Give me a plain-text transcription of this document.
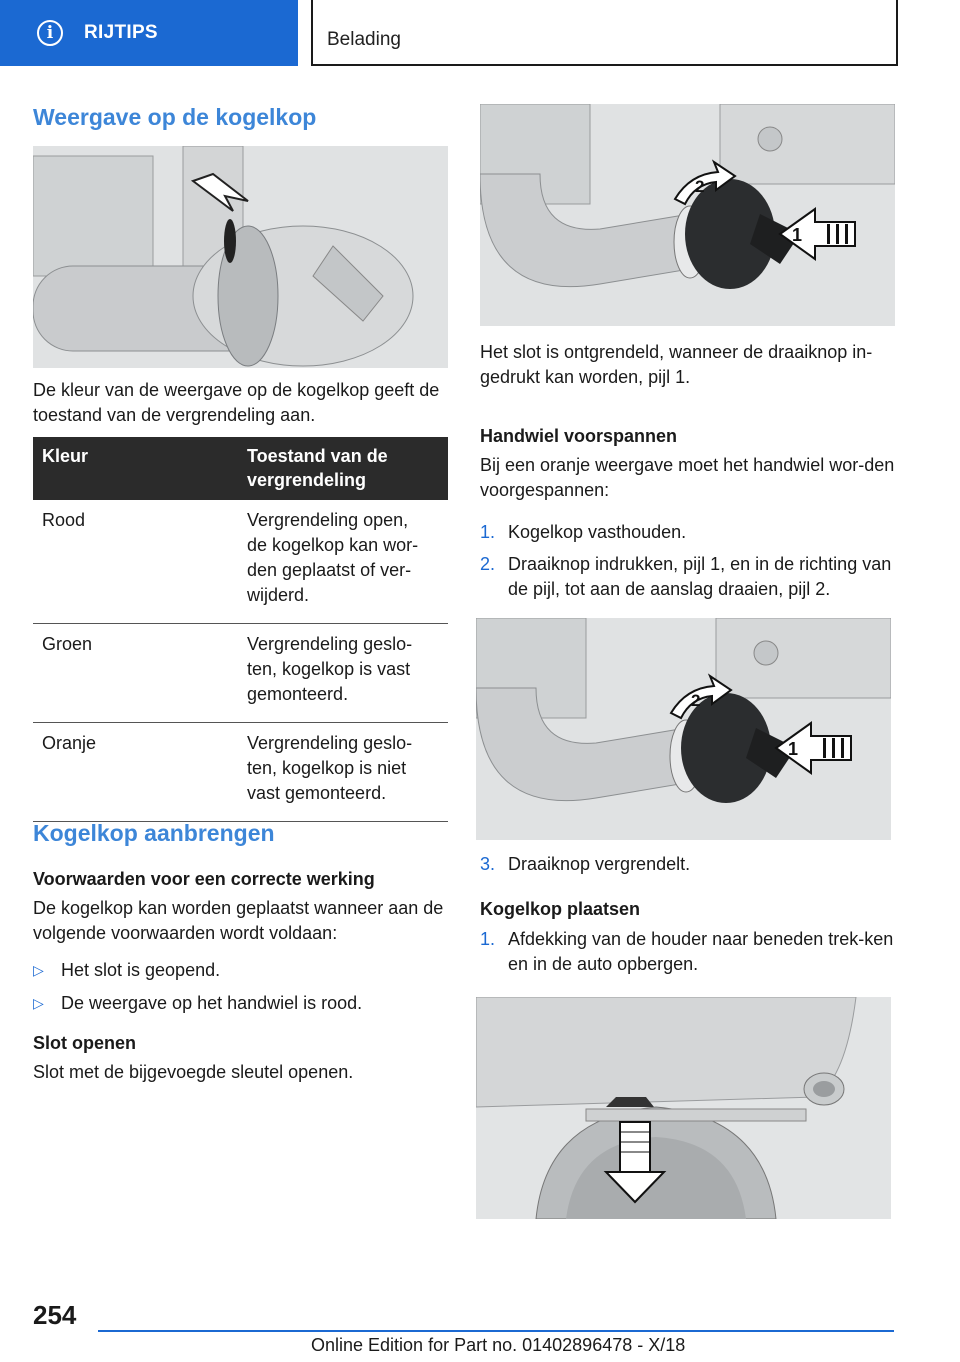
i	RIJTIPS	Belading
Weergave op de kogelkop

De kleur van de weergave op de kogelkop geeft de toestand van de vergrendeling aan.

Kleur	Toestand van de vergrendeling
Rood	Vergrendeling open, de kogelkop kan wor-den geplaatst of ver-wijderd.
Groen	Vergrendeling geslo-ten, kogelkop is vast gemonteerd.
Oranje	Vergrendeling geslo-ten, kogelkop is niet vast gemonteerd.
Kogelkop aanbrengen
Voorwaarden voor een correcte werking

De kogelkop kan worden geplaatst wanneer aan de volgende voorwaarden wordt voldaan:

▷ Het slot is geopend.
▷ De weergave op het handwiel is rood.
Slot openen

Slot met de bijgevoegde sleutel openen.

1
2

Het slot is ontgrendeld, wanneer de draaiknop in-gedrukt kan worden, pijl 1.

Handwiel voorspannen

Bij een oranje weergave moet het handwiel wor-den voorgespannen:

1. Kogelkop vasthouden.
2. Draaiknop indrukken, pijl 1, en in de richting van de pijl, tot aan de aanslag draaien, pijl 2.
1
2
3. Draaiknop vergrendelt.
Kogelkop plaatsen
1. Afdekking van de houder naar beneden trek-ken en in de auto opbergen.
254
Online Edition for Part no. 01402896478 - X/18
